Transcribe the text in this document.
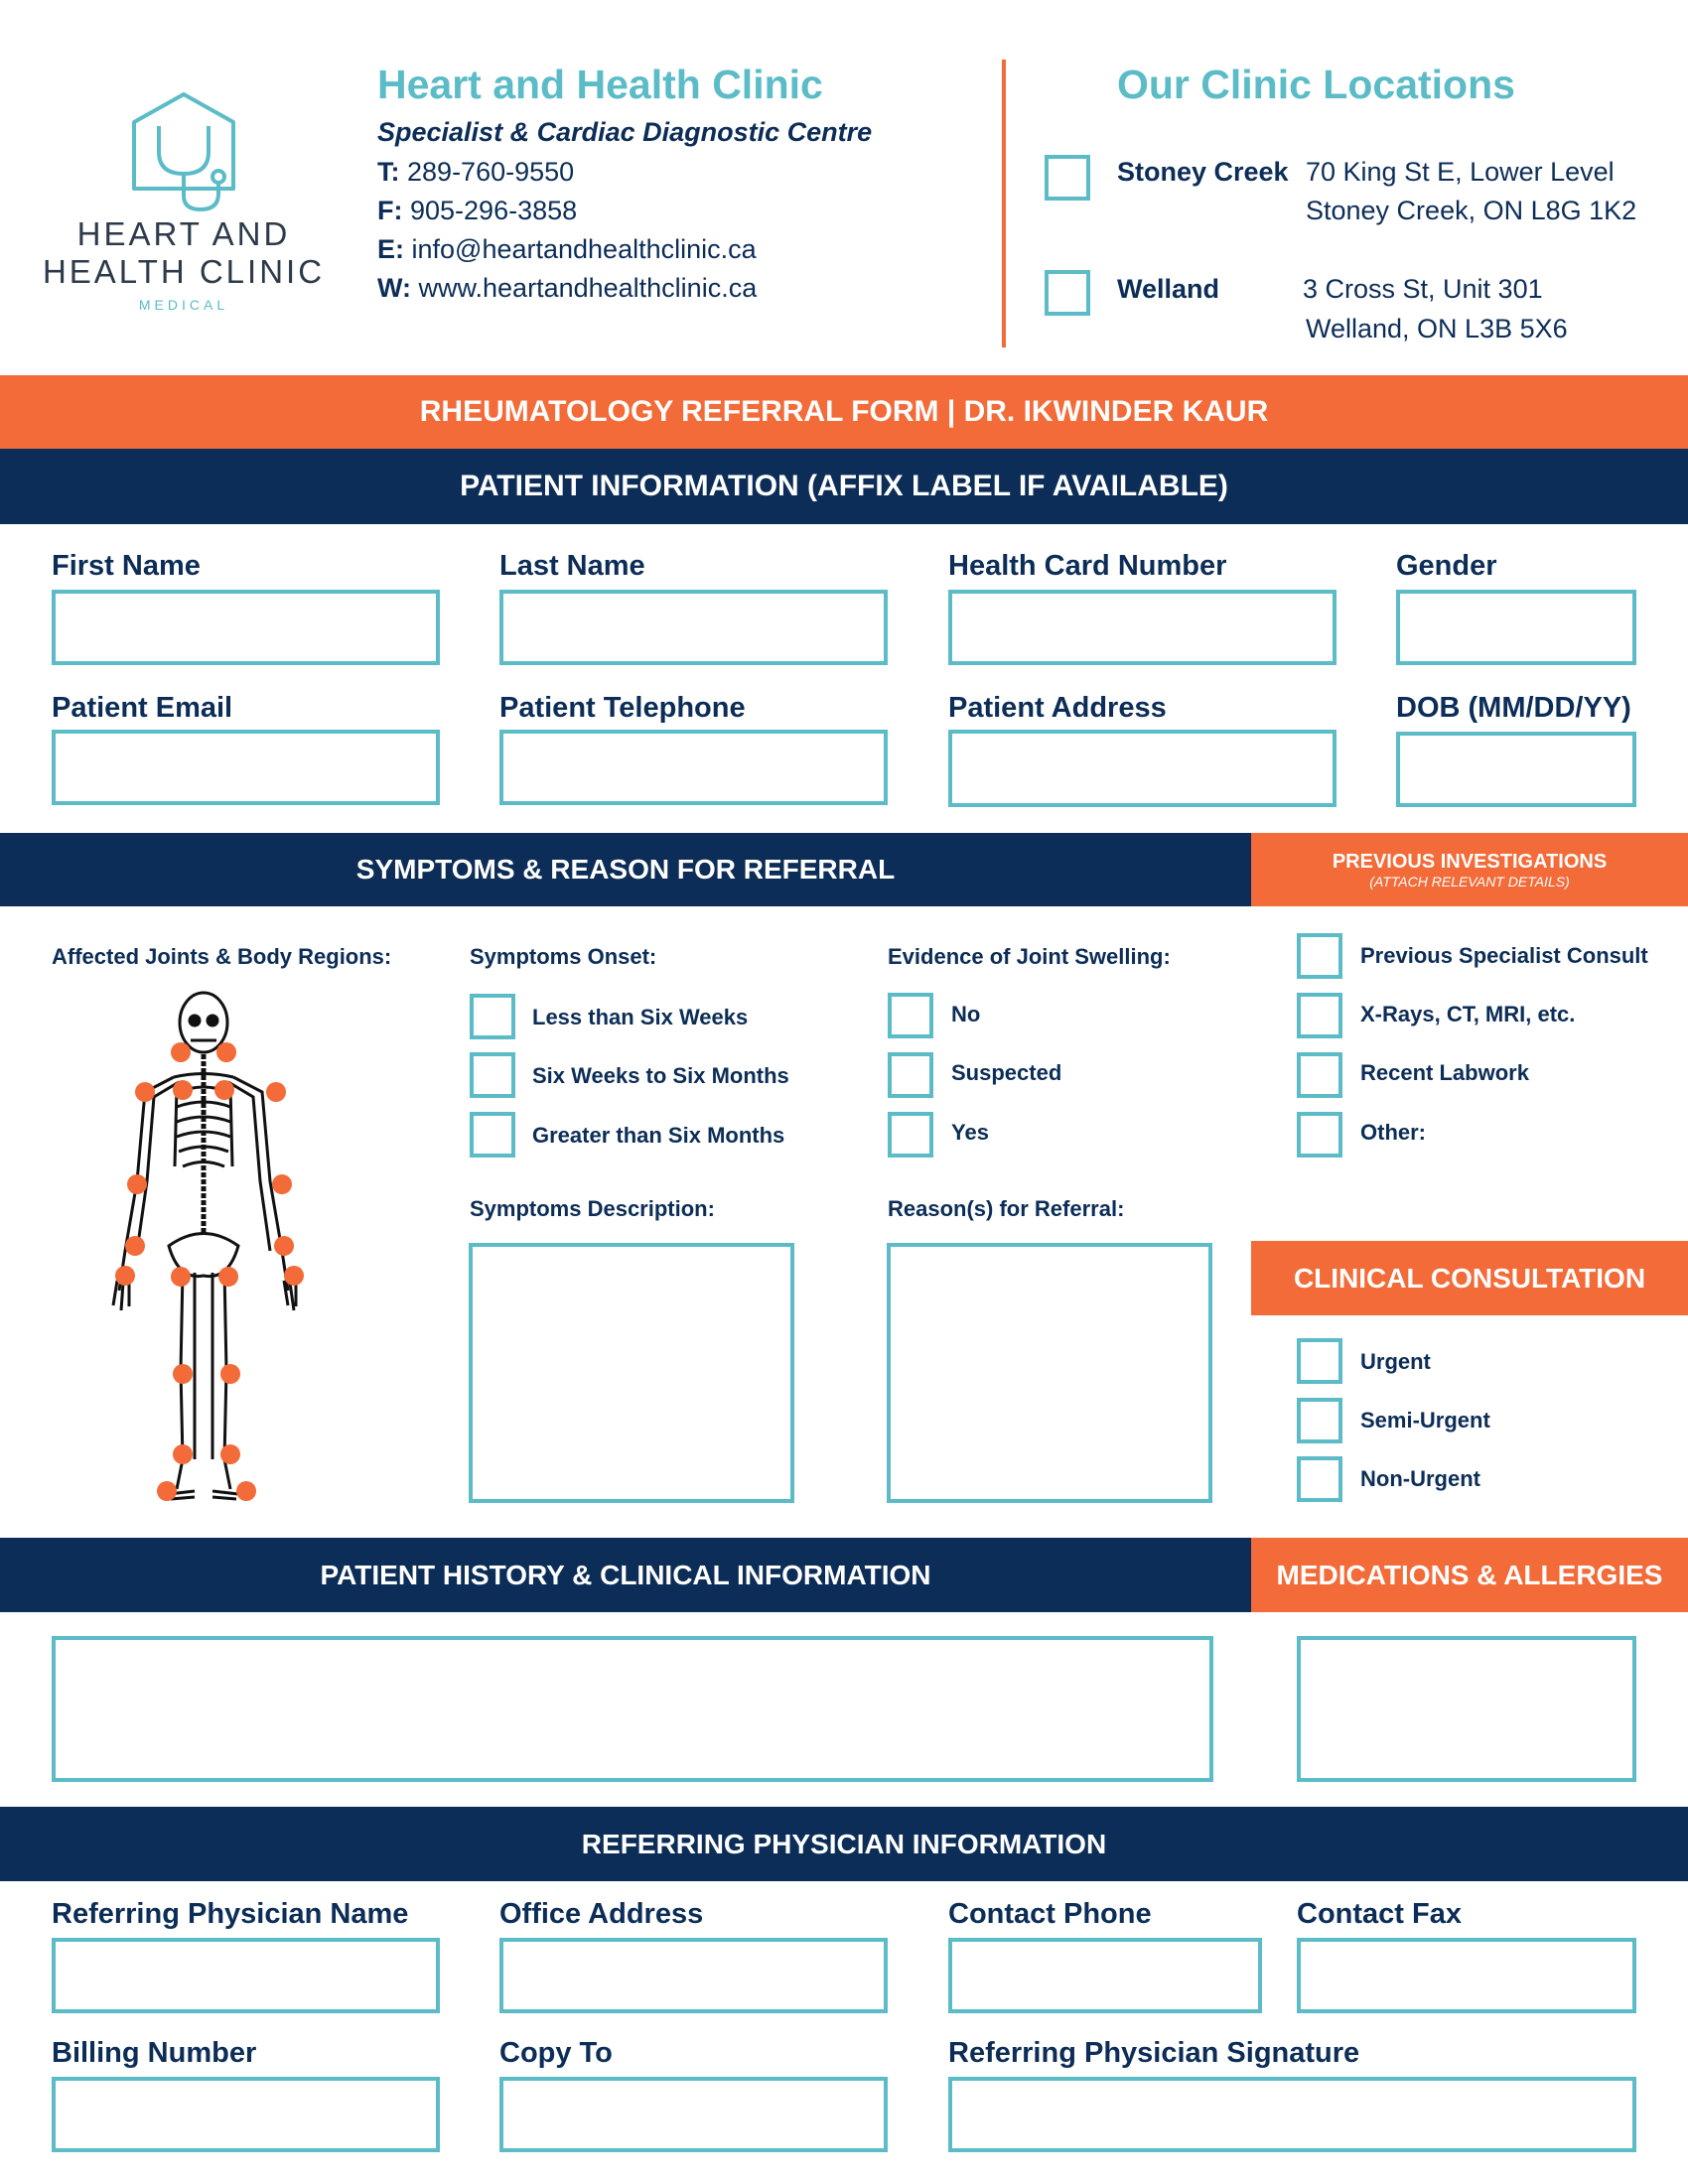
HEART AND
HEALTH CLINIC
MEDICAL
Heart and Health Clinic
Specialist & Cardiac Diagnostic Centre
T: 289-760-9550
F: 905-296-3858
E: info@heartandhealthclinic.ca
W: www.heartandhealthclinic.ca
Our Clinic Locations
Stoney Creek 70 King St E, Lower Level
Stoney Creek, ON L8G 1K2
Welland	3 Cross St, Unit 301
Welland, ON L3B 5X6
RHEUMATOLOGY REFERRAL FORM | DR. IKWINDER KAUR
PATIENT INFORMATION (AFFIX LABEL IF AVAILABLE)
First Name	Last Name	Health Card Number	Gender
Patient Email	Patient Telephone	Patient Address	DOB (MM/DD/YY)
SYMPTOMS & REASON FOR REFERRAL	PREVIOUS INVESTIGATIONS
(ATTACH RELEVANT DETAILS)
Affected Joints & Body Regions:	Symptoms Onset:
Less than Six Weeks
Six Weeks to Six Months
Greater than Six Months
Evidence of Joint Swelling:
No
Suspected
Yes
Previous Specialist Consult
X-Rays, CT, MRI, etc.
Recent Labwork
Other:
Symptoms Description:	Reason(s) for Referral:
CLINICAL CONSULTATION
Urgent
Semi-Urgent
Non-Urgent
PATIENT HISTORY & CLINICAL INFORMATION	MEDICATIONS & ALLERGIES
REFERRING PHYSICIAN INFORMATION
Referring Physician Name	Office Address	Contact Phone	Contact Fax
Billing Number	Copy To	Referring Physician Signature
